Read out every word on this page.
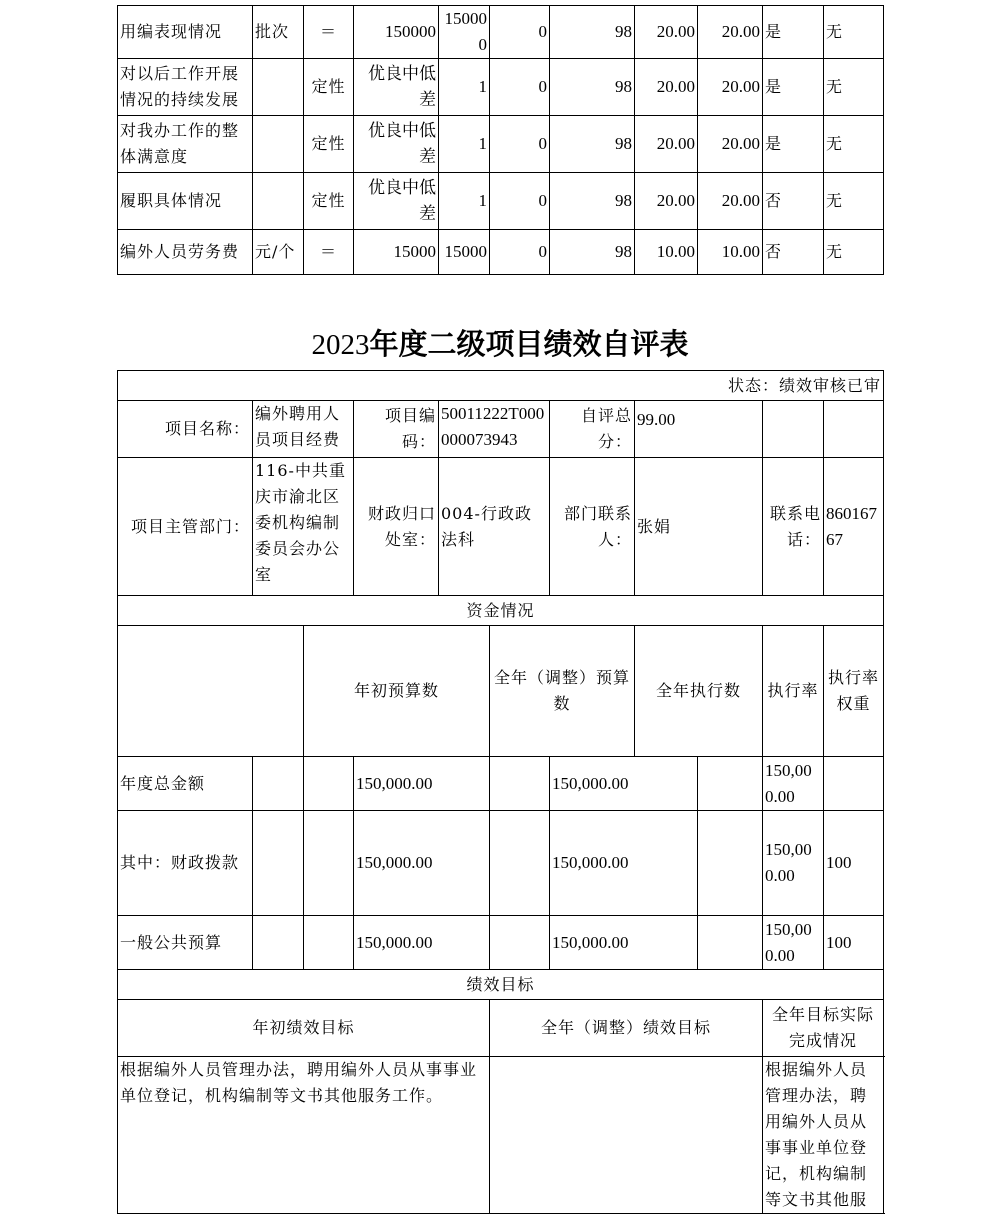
用编表现情况	批次	＝	150000	150000	0	98	20.00	20.00	是	无
对以后工作开展情况的持续发展		定性	优良中低差	1	0	98	20.00	20.00	是	无
对我办工作的整体满意度		定性	优良中低差	1	0	98	20.00	20.00	是	无
履职具体情况		定性	优良中低差	1	0	98	20.00	20.00	否	无
编外人员劳务费	元/个	＝	15000	15000	0	98	10.00	10.00	否	无
2023年度二级项目绩效自评表
状态：绩效审核已审											
项目名称：	编外聘用人员项目经费		项目编码：	50011222T000000073943		自评总分：	99.00				
项目主管部门：	116-中共重庆市渝北区委机构编制委员会办公室		财政归口处室：	004-行政政法科		部门联系人：	张娟		联系电话：	86016767	
资金情况											
		年初预算数			全年（调整）预算数		全年执行数		执行率	执行率权重	
年度总金额			150,000.00			150,000.00			150,000.00			
其中：财政拨款			150,000.00			150,000.00			150,000.00	100		
一般公共预算			150,000.00			150,000.00			150,000.00	100		
绩效目标											
年初绩效目标					全年（调整）绩效目标				全年目标实际完成情况		
根据编外人员管理办法，聘用编外人员从事事业单位登记，机构编制等文书其他服务工作。									根据编外人员管理办法，聘用编外人员从事事业单位登记，机构编制等文书其他服		
